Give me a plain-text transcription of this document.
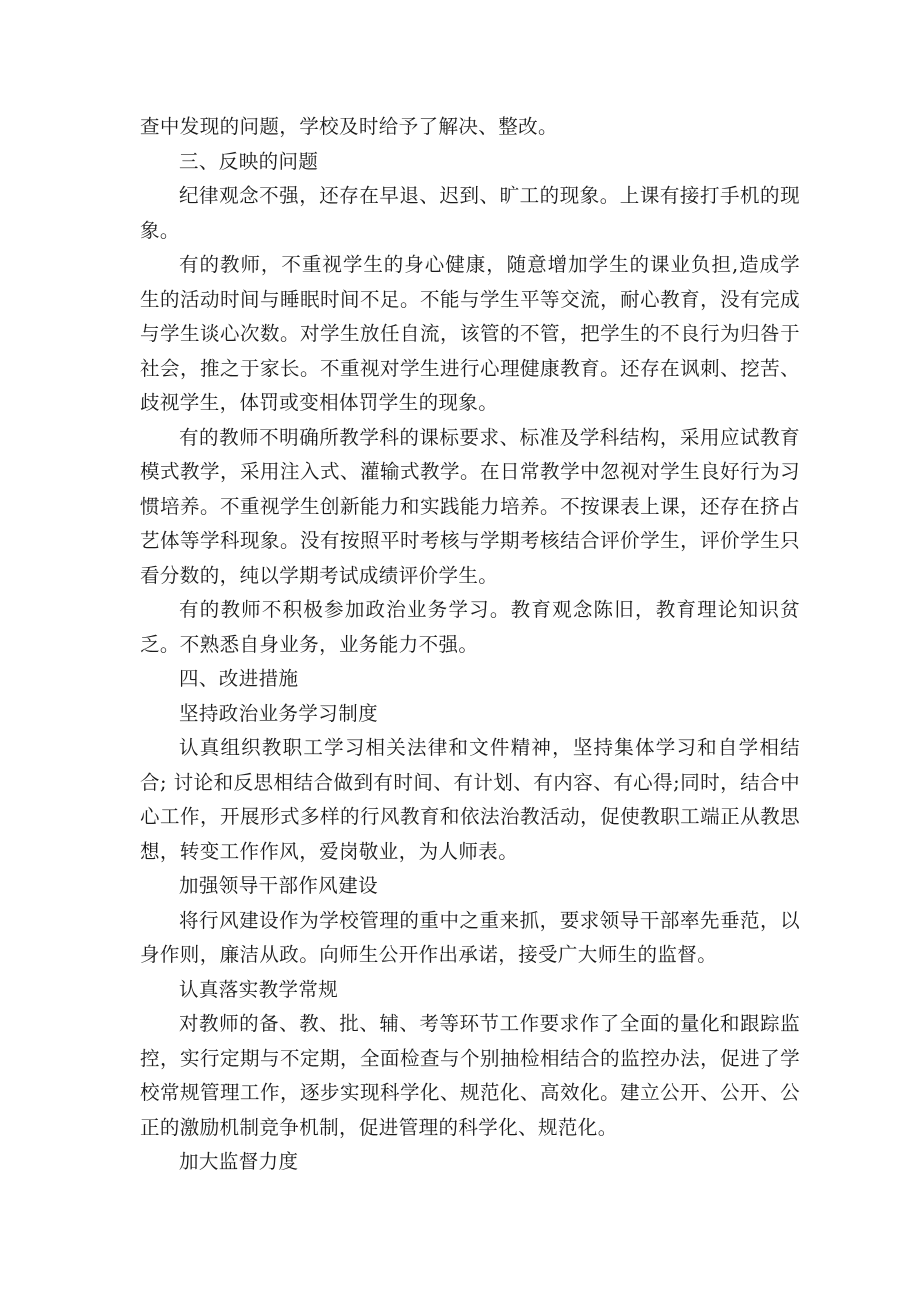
查中发现的问题，学校及时给予了解决、整改。

三、反映的问题

纪律观念不强，还存在早退、迟到、旷工的现象。上课有接打手机的现象。

有的教师，不重视学生的身心健康，随意增加学生的课业负担,造成学生的活动时间与睡眠时间不足。不能与学生平等交流，耐心教育，没有完成与学生谈心次数。对学生放任自流，该管的不管，把学生的不良行为归咎于社会，推之于家长。不重视对学生进行心理健康教育。还存在讽刺、挖苦、歧视学生，体罚或变相体罚学生的现象。

有的教师不明确所教学科的课标要求、标准及学科结构，采用应试教育模式教学，采用注入式、灌输式教学。在日常教学中忽视对学生良好行为习惯培养。不重视学生创新能力和实践能力培养。不按课表上课，还存在挤占艺体等学科现象。没有按照平时考核与学期考核结合评价学生，评价学生只看分数的，纯以学期考试成绩评价学生。

有的教师不积极参加政治业务学习。教育观念陈旧，教育理论知识贫乏。不熟悉自身业务，业务能力不强。

四、改进措施

坚持政治业务学习制度

认真组织教职工学习相关法律和文件精神，坚持集体学习和自学相结合; 讨论和反思相结合做到有时间、有计划、有内容、有心得;同时，结合中心工作，开展形式多样的行风教育和依法治教活动，促使教职工端正从教思想，转变工作作风，爱岗敬业，为人师表。

加强领导干部作风建设

将行风建设作为学校管理的重中之重来抓，要求领导干部率先垂范，以身作则，廉洁从政。向师生公开作出承诺，接受广大师生的监督。

认真落实教学常规

对教师的备、教、批、辅、考等环节工作要求作了全面的量化和跟踪监控，实行定期与不定期，全面检查与个别抽检相结合的监控办法，促进了学校常规管理工作，逐步实现科学化、规范化、高效化。建立公开、公开、公正的激励机制竞争机制，促进管理的科学化、规范化。

加大监督力度
